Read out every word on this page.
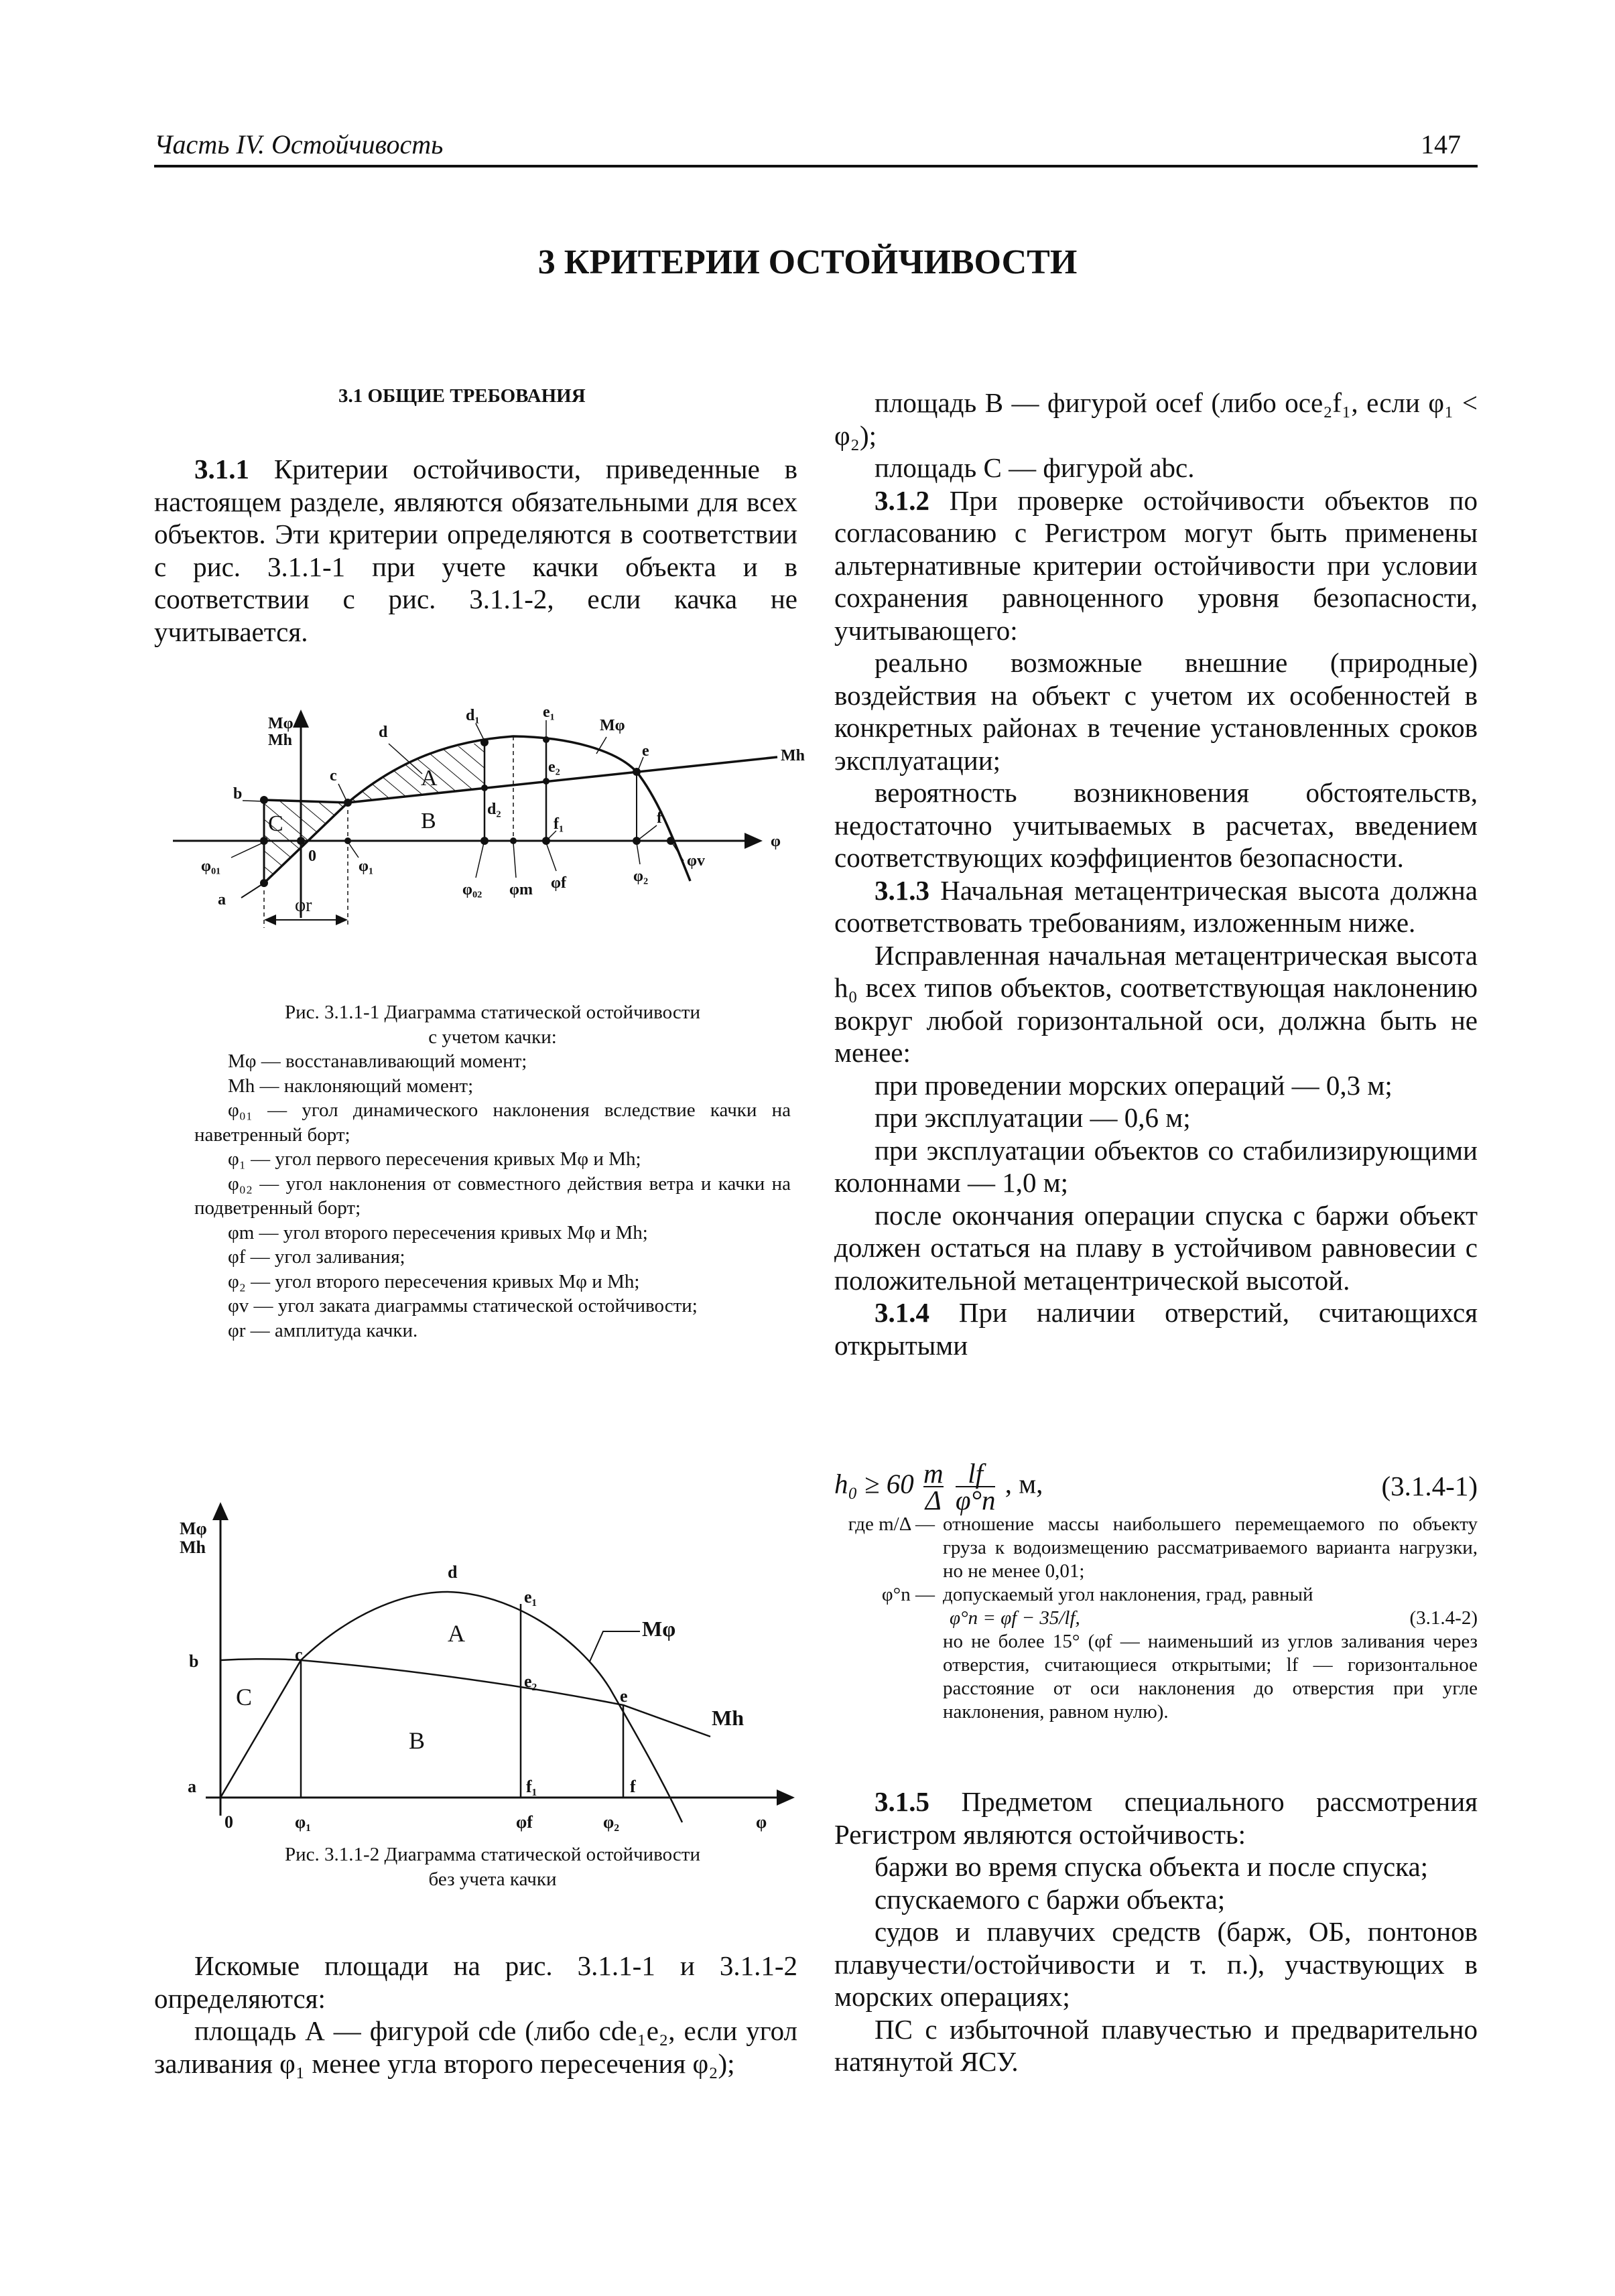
Часть IV. Остойчивость	147
3 КРИТЕРИИ ОСТОЙЧИВОСТИ
3.1 ОБЩИЕ ТРЕБОВАНИЯ

3.1.1 Критерии остойчивости, приведенные в настоящем разделе, являются обязательными для всех объектов. Эти критерии определяются в соответствии с рис. 3.1.1-1 при учете качки объекта и в соответствии с рис. 3.1.1-2, если качка не учитывается.

Рис. 3.1.1-1 Диаграмма статической остойчивости

с учетом качки:

Mφ — восстанавливающий момент;

Mh — наклоняющий момент;

φ₀₁ — угол динамического наклонения вследствие качки на наветренный борт;

φ₁ — угол первого пересечения кривых Mφ и Mh;

φ₀₂ — угол наклонения от совместного действия ветра и качки на подветренный борт;

φm — угол второго пересечения кривых Mφ и Mh;

φf — угол заливания;

φ₂ — угол второго пересечения кривых Mφ и Mh;

φv — угол заката диаграммы статической остойчивости;

φr — амплитуда качки.

Рис. 3.1.1-2 Диаграмма статической остойчивости

без учета качки

Искомые площади на рис. 3.1.1-1 и 3.1.1-2 определяются:

площадь А — фигурой cde (либо cde₁e₂, если угол заливания φ₁ менее угла второго пересечения φ₂);

площадь В — фигурой ocef (либо oce₂f₁, если φ₁ < φ₂);

площадь С — фигурой abc.

3.1.2 При проверке остойчивости объектов по согласованию с Регистром могут быть применены альтернативные критерии остойчивости при условии сохранения равноценного уровня безопасности, учитывающего:

реально возможные внешние (природные) воздействия на объект с учетом их особенностей в конкретных районах в течение установленных сроков эксплуатации;

вероятность возникновения обстоятельств, недостаточно учитываемых в расчетах, введением соответствующих коэффициентов безопасности.

3.1.3 Начальная метацентрическая высота должна соответствовать требованиям, изложенным ниже.

Исправленная начальная метацентрическая высота h₀ всех типов объектов, соответствующая наклонению вокруг любой горизонтальной оси, должна быть не менее:

при проведении морских операций — 0,3 м;

при эксплуатации — 0,6 м;

при эксплуатации объектов со стабилизирующими колоннами — 1,0 м;

после окончания операции спуска с баржи объект должен остаться на плаву в устойчивом равновесии с положительной метацентрической высотой.

3.1.4 При наличии отверстий, считающихся открытыми

$h_0 \ge 60 \frac{m}{\Delta}$
$\frac{lf}{\varphi^\circ n}$ , м,	(3.1.4-1)
где m/Δ — отношение массы наибольшего перемещаемого по объекту груза к водоизмещению рассматриваемого варианта нагрузки, но не менее 0,01;
φ°n — допускаемый угол наклонения, град, равный
φ°n = φf − 35/lf,	(3.1.4-2)
но не более 15° (φf — наименьший из углов заливания через отверстия, считающиеся открытыми; lf — горизонтальное расстояние от оси наклонения до отверстия при угле наклонения, равном нулю).

3.1.5 Предметом специального рассмотрения Регистром являются остойчивость:

баржи во время спуска объекта и после спуска;

спускаемого с баржи объекта;

судов и плавучих средств (барж, ОБ, понтонов плавучести/остойчивости и т. п.), участвующих в морских операциях;

ПС с избыточной плавучестью и предварительно натянутой ЯСУ.

Mφ
Mh
φ
a
b
c
d
d₁
d₂
e₁
e₂
e
f₁	f
0
A
B
C
Mφ
Mh
φ₀₁	φ₁
φ₀₂ φm φf	φ₂
φv
φr
Mφ
Mh
φ
a
b	c
d
e₁
e₂
e
f₁	f
0
A
B
C
Mφ
Mh
φ₁	φf	φ₂
